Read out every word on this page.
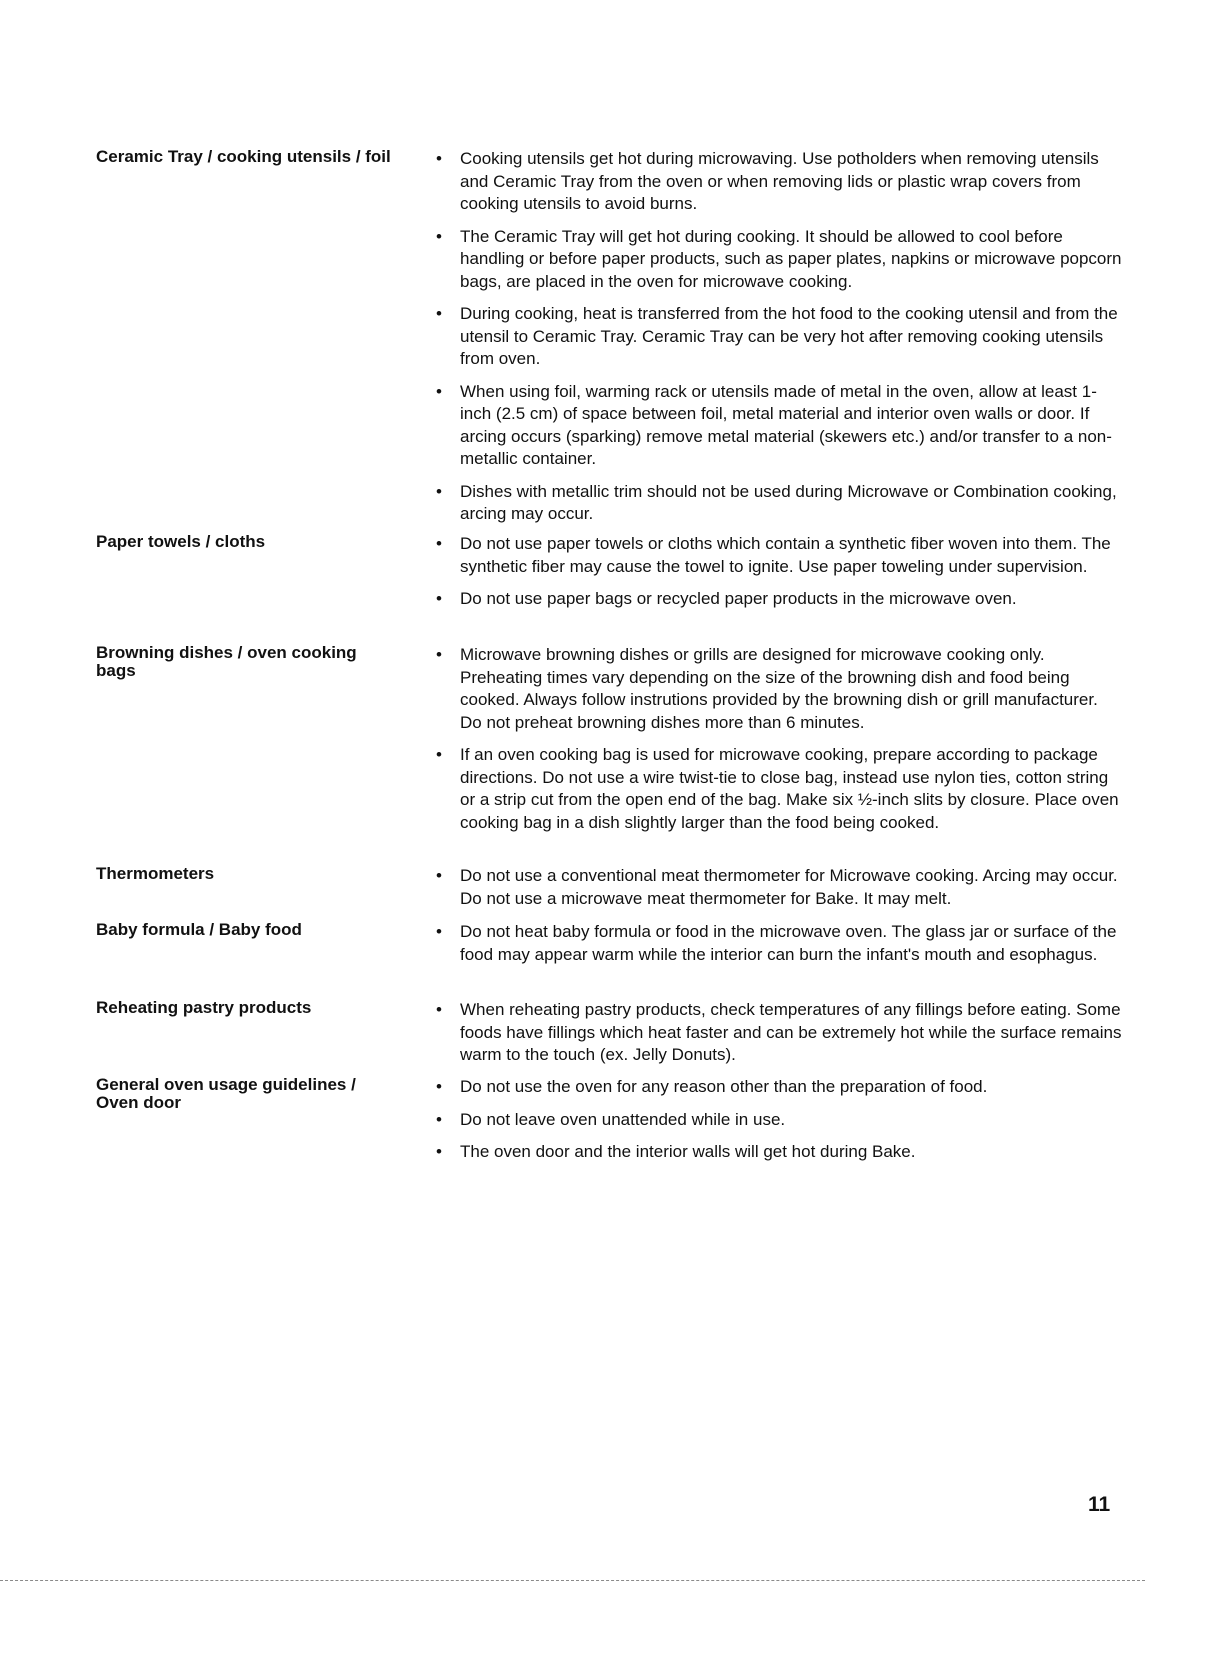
Ceramic Tray / cooking utensils / foil	• Cooking utensils get hot during microwaving. Use potholders when removing utensils and Ceramic Tray from the oven or when removing lids or plastic wrap covers from cooking utensils to avoid burns.
• The Ceramic Tray will get hot during cooking. It should be allowed to cool before handling or before paper products, such as paper plates, napkins or microwave popcorn bags, are placed in the oven for microwave cooking.
• During cooking, heat is transferred from the hot food to the cooking utensil and from the utensil to Ceramic Tray. Ceramic Tray can be very hot after removing cooking utensils from oven.
• When using foil, warming rack or utensils made of metal in the oven, allow at least 1-inch (2.5 cm) of space between foil, metal material and interior oven walls or door. If arcing occurs (sparking) remove metal material (skewers etc.) and/or transfer to a non-metallic container.
• Dishes with metallic trim should not be used during Microwave or Combination cooking, arcing may occur.
Paper towels / cloths	• Do not use paper towels or cloths which contain a synthetic fiber woven into them. The synthetic fiber may cause the towel to ignite. Use paper toweling under supervision.
• Do not use paper bags or recycled paper products in the microwave oven.
Browning dishes / oven cooking bags
• Microwave browning dishes or grills are designed for microwave cooking only. Preheating times vary depending on the size of the browning dish and food being cooked. Always follow instrutions provided by the browning dish or grill manufacturer. Do not preheat browning dishes more than 6 minutes.
• If an oven cooking bag is used for microwave cooking, prepare according to package directions. Do not use a wire twist-tie to close bag, instead use nylon ties, cotton string or a strip cut from the open end of the bag. Make six ½-inch slits by closure. Place oven cooking bag in a dish slightly larger than the food being cooked.
Thermometers	• Do not use a conventional meat thermometer for Microwave cooking. Arcing may occur. Do not use a microwave meat thermometer for Bake. It may melt.
Baby formula / Baby food	• Do not heat baby formula or food in the microwave oven. The glass jar or surface of the food may appear warm while the interior can burn the infant's mouth and esophagus.
Reheating pastry products	• When reheating pastry products, check temperatures of any fillings before eating. Some foods have fillings which heat faster and can be extremely hot while the surface remains warm to the touch (ex. Jelly Donuts).
General oven usage guidelines / Oven door
• Do not use the oven for any reason other than the preparation of food.
• Do not leave oven unattended while in use.
• The oven door and the interior walls will get hot during Bake.
11
